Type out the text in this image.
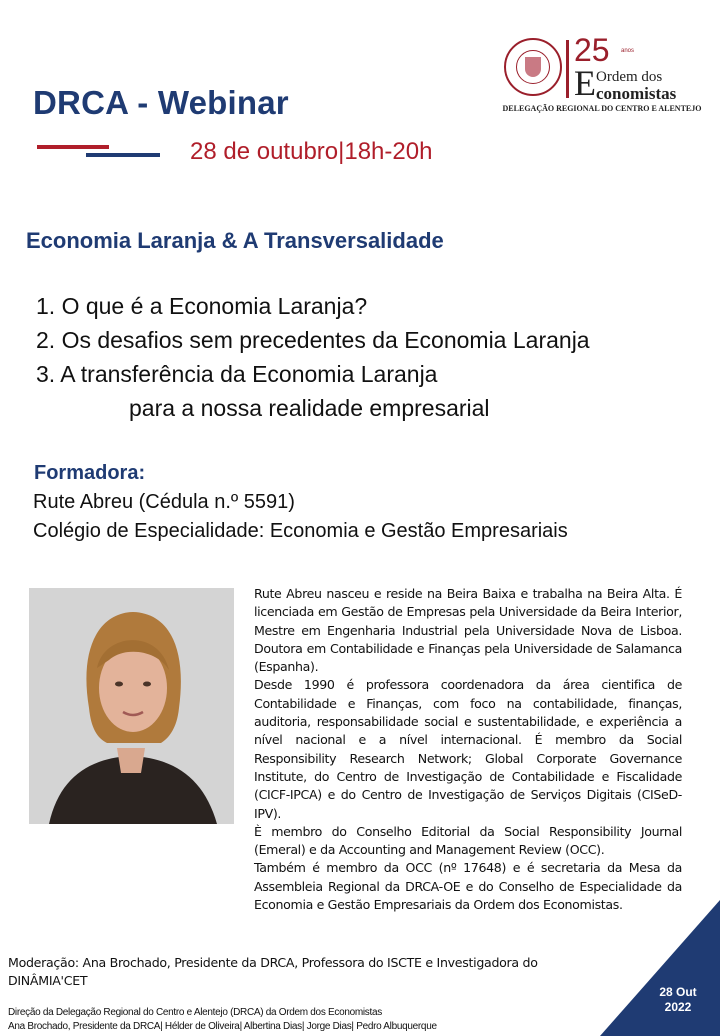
DRCA - Webinar
28 de outubro|18h-20h
25 anos
E Ordem dos
conomistas
DELEGAÇÃO REGIONAL DO CENTRO E ALENTEJO
Economia Laranja & A Transversalidade
1. O que é a Economia Laranja?
2. Os desafios sem precedentes da Economia Laranja
3. A transferência da Economia Laranja
para a nossa realidade empresarial
Formadora:
Rute Abreu (Cédula n.º 5591)
Colégio de Especialidade: Economia e Gestão Empresariais

Rute Abreu nasceu e reside na Beira Baixa e trabalha na Beira Alta. É licenciada em Gestão de Empresas pela Universidade da Beira Interior, Mestre em Engenharia Industrial pela Universidade Nova de Lisboa. Doutora em Contabilidade e Finanças pela Universidade de Salamanca (Espanha).

Desde 1990 é professora coordenadora da área cientifica de Contabilidade e Finanças, com foco na contabilidade, finanças, auditoria, responsabilidade social e sustentabilidade, e experiência a nível nacional e a nível internacional. É membro da Social Responsibility Research Network; Global Corporate Governance Institute, do Centro de Investigação de Contabilidade e Fiscalidade (CICF-IPCA) e do Centro de Investigação de Serviços Digitais (CISeD-IPV).

È membro do Conselho Editorial da Social Responsibility Journal (Emeral) e da Accounting and Management Review (OCC).

Também é membro da OCC (nº 17648) e é secretaria da Mesa da Assembleia Regional da DRCA-OE e do Conselho de Especialidade da Economia e Gestão Empresariais da Ordem dos Economistas.

Moderação: Ana Brochado, Presidente da DRCA, Professora do ISCTE e Investigadora do DINÂMIA'CET
Direção da Delegação Regional do Centro e Alentejo (DRCA) da Ordem dos Economistas
Ana Brochado, Presidente da DRCA| Hélder de Oliveira| Albertina Dias| Jorge Dias| Pedro Albuquerque
28 Out
2022
